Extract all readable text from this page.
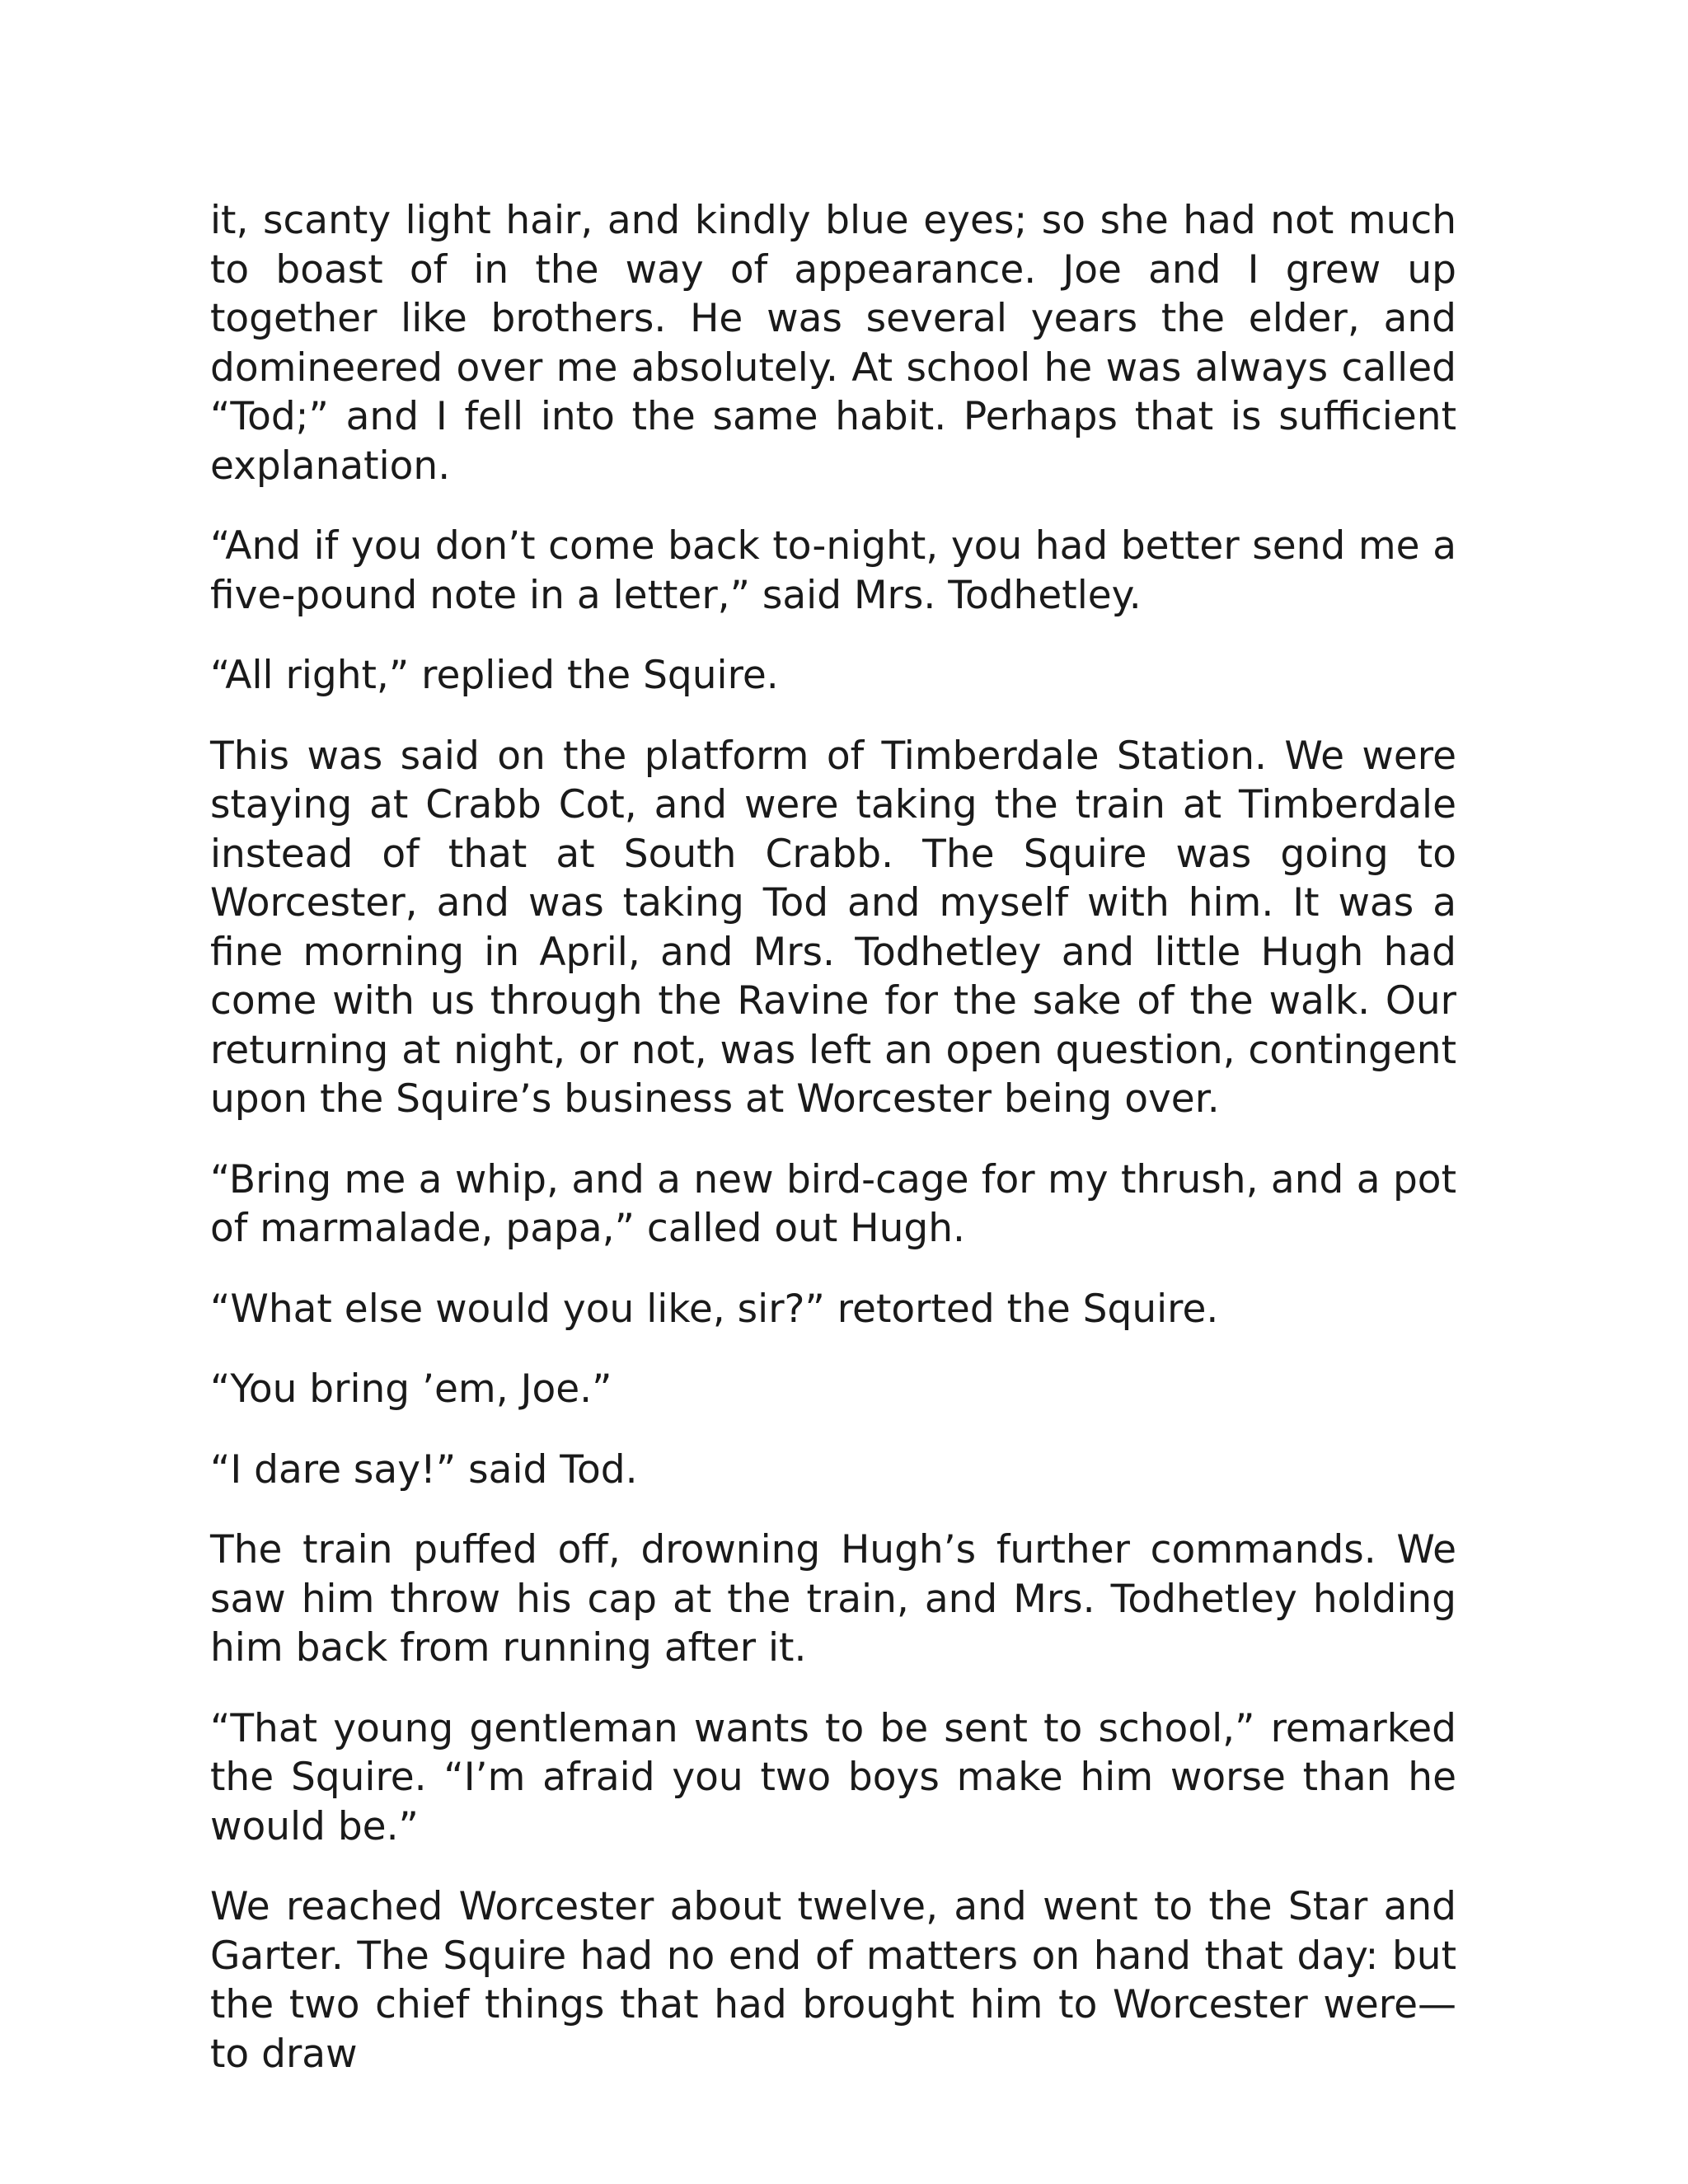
it, scanty light hair, and kindly blue eyes; so she had not much to boast of in the way of appearance. Joe and I grew up together like brothers. He was several years the elder, and domineered over me absolutely. At school he was always called “Tod;” and I fell into the same habit. Perhaps that is sufficient explanation.

“And if you don’t come back to-night, you had better send me a five-pound note in a letter,” said Mrs. Todhetley.

“All right,” replied the Squire.

This was said on the platform of Timberdale Station. We were staying at Crabb Cot, and were taking the train at Timberdale instead of that at South Crabb. The Squire was going to Worcester, and was taking Tod and myself with him. It was a fine morning in April, and Mrs. Todhetley and little Hugh had come with us through the Ravine for the sake of the walk. Our returning at night, or not, was left an open question, contingent upon the Squire’s business at Worcester being over.

“Bring me a whip, and a new bird-cage for my thrush, and a pot of marmalade, papa,” called out Hugh.

“What else would you like, sir?” retorted the Squire.

“You bring ’em, Joe.”

“I dare say!” said Tod.

The train puffed off, drowning Hugh’s further commands. We saw him throw his cap at the train, and Mrs. Todhetley holding him back from running after it.

“That young gentleman wants to be sent to school,” remarked the Squire. “I’m afraid you two boys make him worse than he would be.”

We reached Worcester about twelve, and went to the Star and Garter. The Squire had no end of matters on hand that day: but the two chief things that had brought him to Worcester were—to draw
